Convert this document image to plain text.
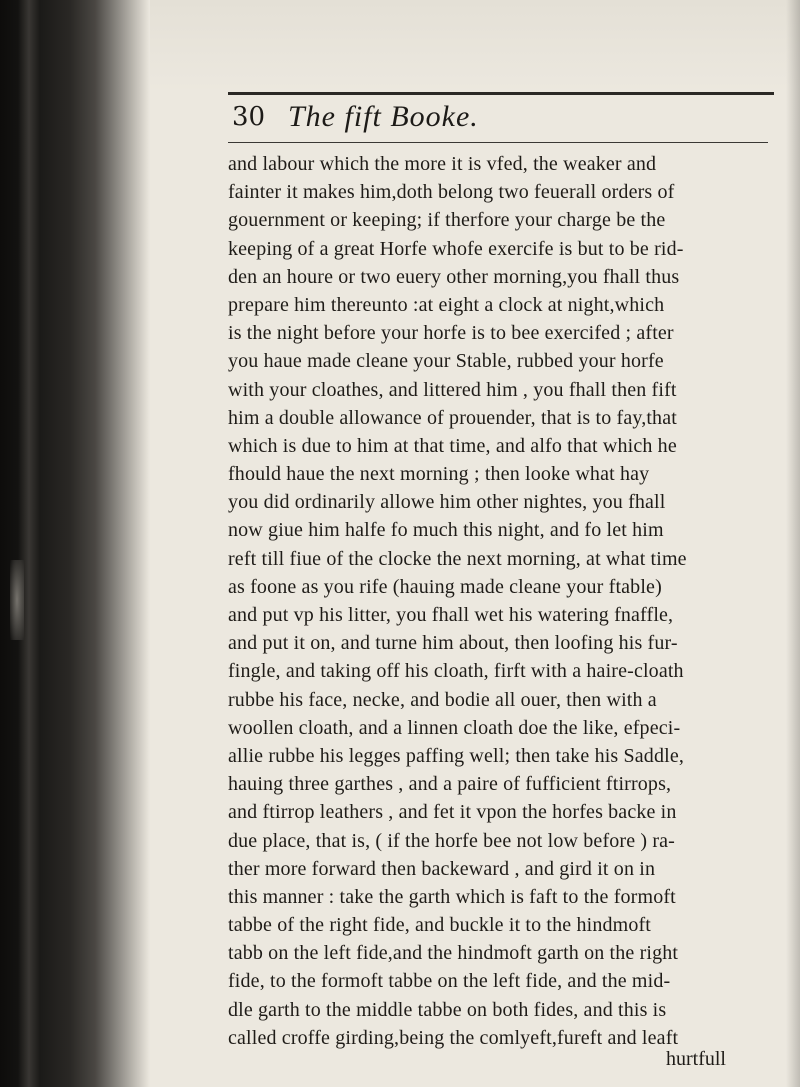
30 The fift Booke.
and labour which the more it is vfed, the weaker and
fainter it makes him,doth belong two feuerall orders of
gouernment or keeping; if therfore your charge be the
keeping of a great Horfe whofe exercife is but to be rid-
den an houre or two euery other morning,you fhall thus
prepare him thereunto :at eight a clock at night,which
is the night before your horfe is to bee exercifed ; after
you haue made cleane your Stable, rubbed your horfe
with your cloathes, and littered him , you fhall then fift
him a double allowance of prouender, that is to fay,that
which is due to him at that time, and alfo that which he
fhould haue the next morning ; then looke what hay
you did ordinarily allowe him other nightes, you fhall
now giue him halfe fo much this night, and fo let him
reft till fiue of the clocke the next morning, at what time
as foone as you rife (hauing made cleane your ftable)
and put vp his litter, you fhall wet his watering fnaffle,
and put it on, and turne him about, then loofing his fur-
fingle, and taking off his cloath, firft with a haire-cloath
rubbe his face, necke, and bodie all ouer, then with a
woollen cloath, and a linnen cloath doe the like, efpeci-
allie rubbe his legges paffing well; then take his Saddle,
hauing three garthes , and a paire of fufficient ftirrops,
and ftirrop leathers , and fet it vpon the horfes backe in
due place, that is, ( if the horfe bee not low before ) ra-
ther more forward then backeward , and gird it on in
this manner : take the garth which is faft to the formoft
tabbe of the right fide, and buckle it to the hindmoft
tabb on the left fide,and the hindmoft garth on the right
fide, to the formoft tabbe on the left fide, and the mid-
dle garth to the middle tabbe on both fides, and this is
called croffe girding,being the comlyeft,fureft and leaft
hurtfull
